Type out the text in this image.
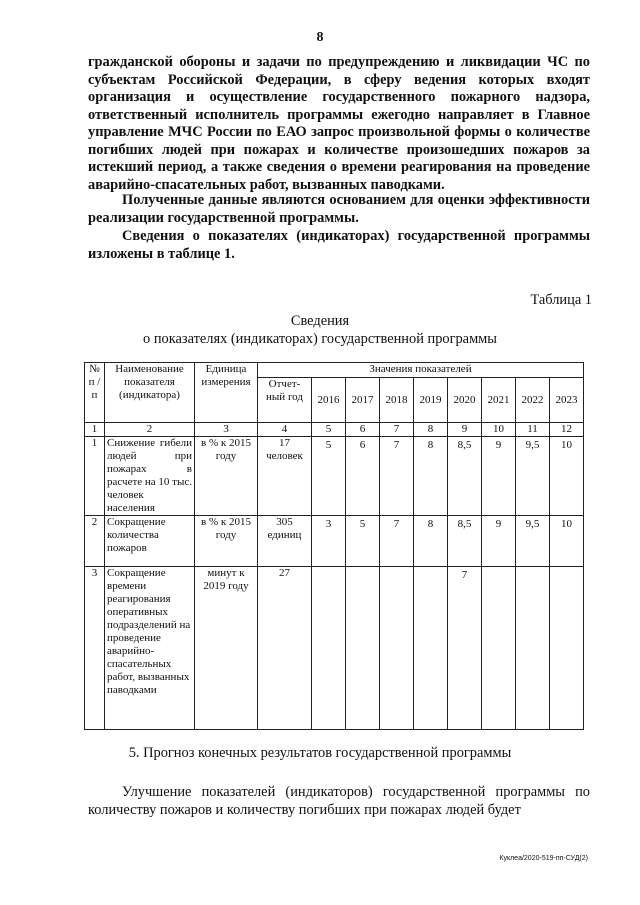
8
гражданской обороны и задачи по предупреждению и ликвидации ЧС по субъектам Российской Федерации, в сферу ведения которых входят организация и осуществление государственного пожарного надзора, ответственный исполнитель программы ежегодно направляет в Главное управление МЧС России по ЕАО запрос произвольной формы о количестве погибших людей при пожарах и количестве произошедших пожаров за истекший период, а также сведения о времени реагирования на проведение аварийно-спасательных работ, вызванных паводками.
Полученные данные являются основанием для оценки эффективности реализации государственной программы.
Сведения о показателях (индикаторах) государственной программы изложены в таблице 1.
Таблица 1
Сведения
о показателях (индикаторах) государственной программы
№ п /п	Наименование показателя (индикатора)	Единица измерения	Значения показателей								
			Отчет-ный год	2016	2017	2018	2019	2020	2021	2022	2023
1	2	3	4	5	6	7	8	9	10	11	12
1	Снижение гибели людей при пожарах в расчете на 10 тыс. человек населения	в % к 2015 году	17 человек	5	6	7	8	8,5	9	9,5	10
2	Сокращение количества пожаров	в % к 2015 году	305 единиц	3	5	7	8	8,5	9	9,5	10
3	Сокращение времени реагирования оперативных подразделений на проведение аварийно-спасательных работ, вызванных паводками	минут к 2019 году	27					7			
5. Прогноз конечных результатов государственной программы
Улучшение показателей (индикаторов) государственной программы по количеству пожаров и количеству погибших при пожарах людей будет
Куклеа/2020-519-пп-СУД(2)
